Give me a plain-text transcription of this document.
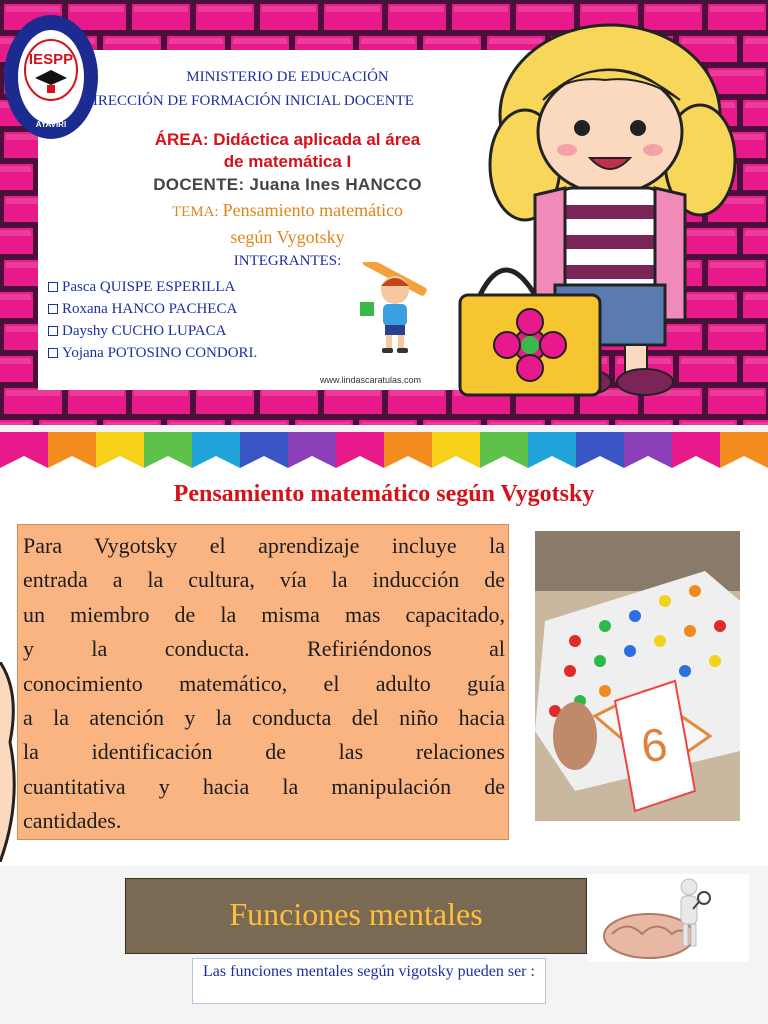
IESPP
AYAVIRI
MINISTERIO DE EDUCACIÓN
DIRECCIÓN DE FORMACIÓN INICIAL DOCENTE
ÁREA: Didáctica aplicada al área
de matemática I
DOCENTE: Juana Ines HANCCO
TEMA: Pensamiento matemático
según Vygotsky
INTEGRANTES:
Pasca QUISPE ESPERILLA
Roxana HANCO PACHECA
Dayshy CUCHO LUPACA
Yojana POTOSINO CONDORI.
www.lindascaratulas.com
Pensamiento matemático según Vygotsky
Para Vygotsky el aprendizaje incluye la
entrada a la cultura, vía la inducción de
un miembro de la misma mas capacitado,
y la conducta. Refiriéndonos al
conocimiento matemático, el adulto guía
a la atención y la conducta del niño hacia
la identificación de las relaciones
cuantitativa y hacia la manipulación de
cantidades.
6
Funciones mentales
Las funciones mentales según vigotsky pueden ser :
